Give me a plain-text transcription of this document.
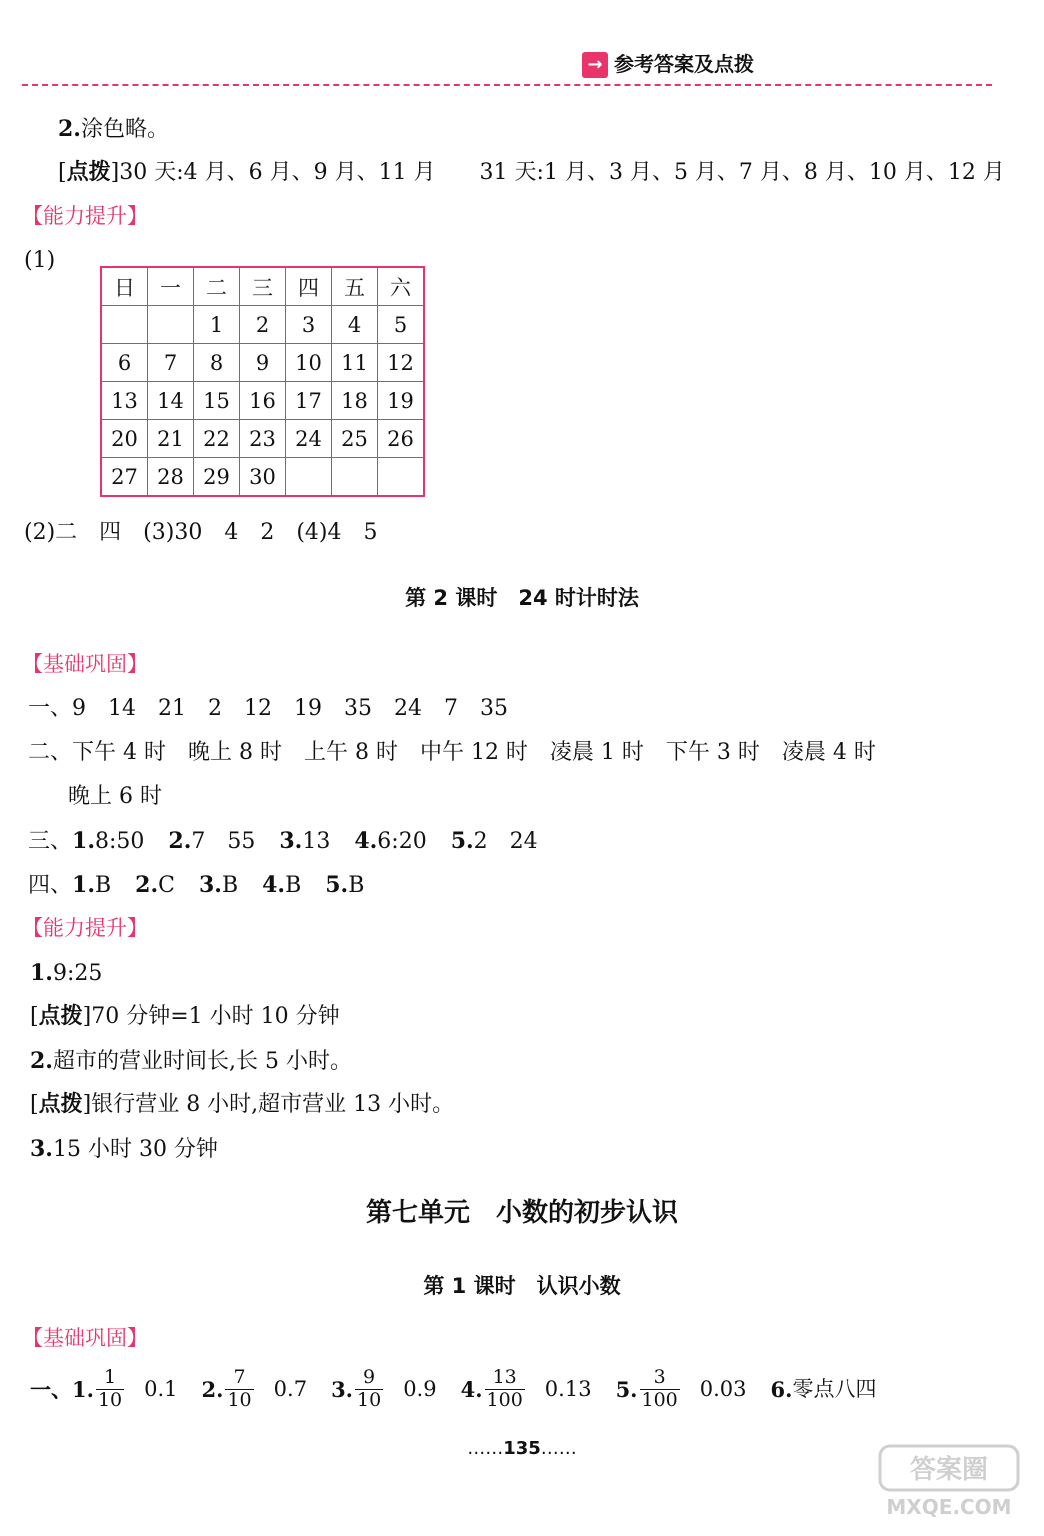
→ 参考答案及点拨
2.涂色略。
[点拨]30 天:4 月、6 月、9 月、11 月　　31 天:1 月、3 月、5 月、7 月、8 月、10 月、12 月
【能力提升】
(1)
日	一	二	三	四	五	六
		1	2	3	4	5
6	7	8	9	10	11	12
13	14	15	16	17	18	19
20	21	22	23	24	25	26
27	28	29	30			
(2)二　四　(3)30　4　2　(4)4　5
第 2 课时　24 时计时法
【基础巩固】
一、9　14　21　2　12　19　35　24　7　35
二、下午 4 时　晚上 8 时　上午 8 时　中午 12 时　凌晨 1 时　下午 3 时　凌晨 4 时
晚上 6 时
三、1.8:50 2.7　55 3.13 4.6:20 5.2　24
四、1.B 2.C 3.B 4.B 5.B
【能力提升】
1.9:25
[点拨]70 分钟=1 小时 10 分钟
2.超市的营业时间长,长 5 小时。
[点拨]银行营业 8 小时,超市营业 13 小时。
3.15 小时 30 分钟
第七单元　小数的初步认识
第 1 课时　认识小数
【基础巩固】
一、 1. $\frac{1}{10} 0.1$ 2. $\frac{7}{10} 0.7$ 3. $\frac{9}{10} 0.9$ 4. $\frac{13}{100} 0.13$ 5. $\frac{3}{100} 0.03$ 6. 零点八四
……135……
答案圈
MXQE.COM
